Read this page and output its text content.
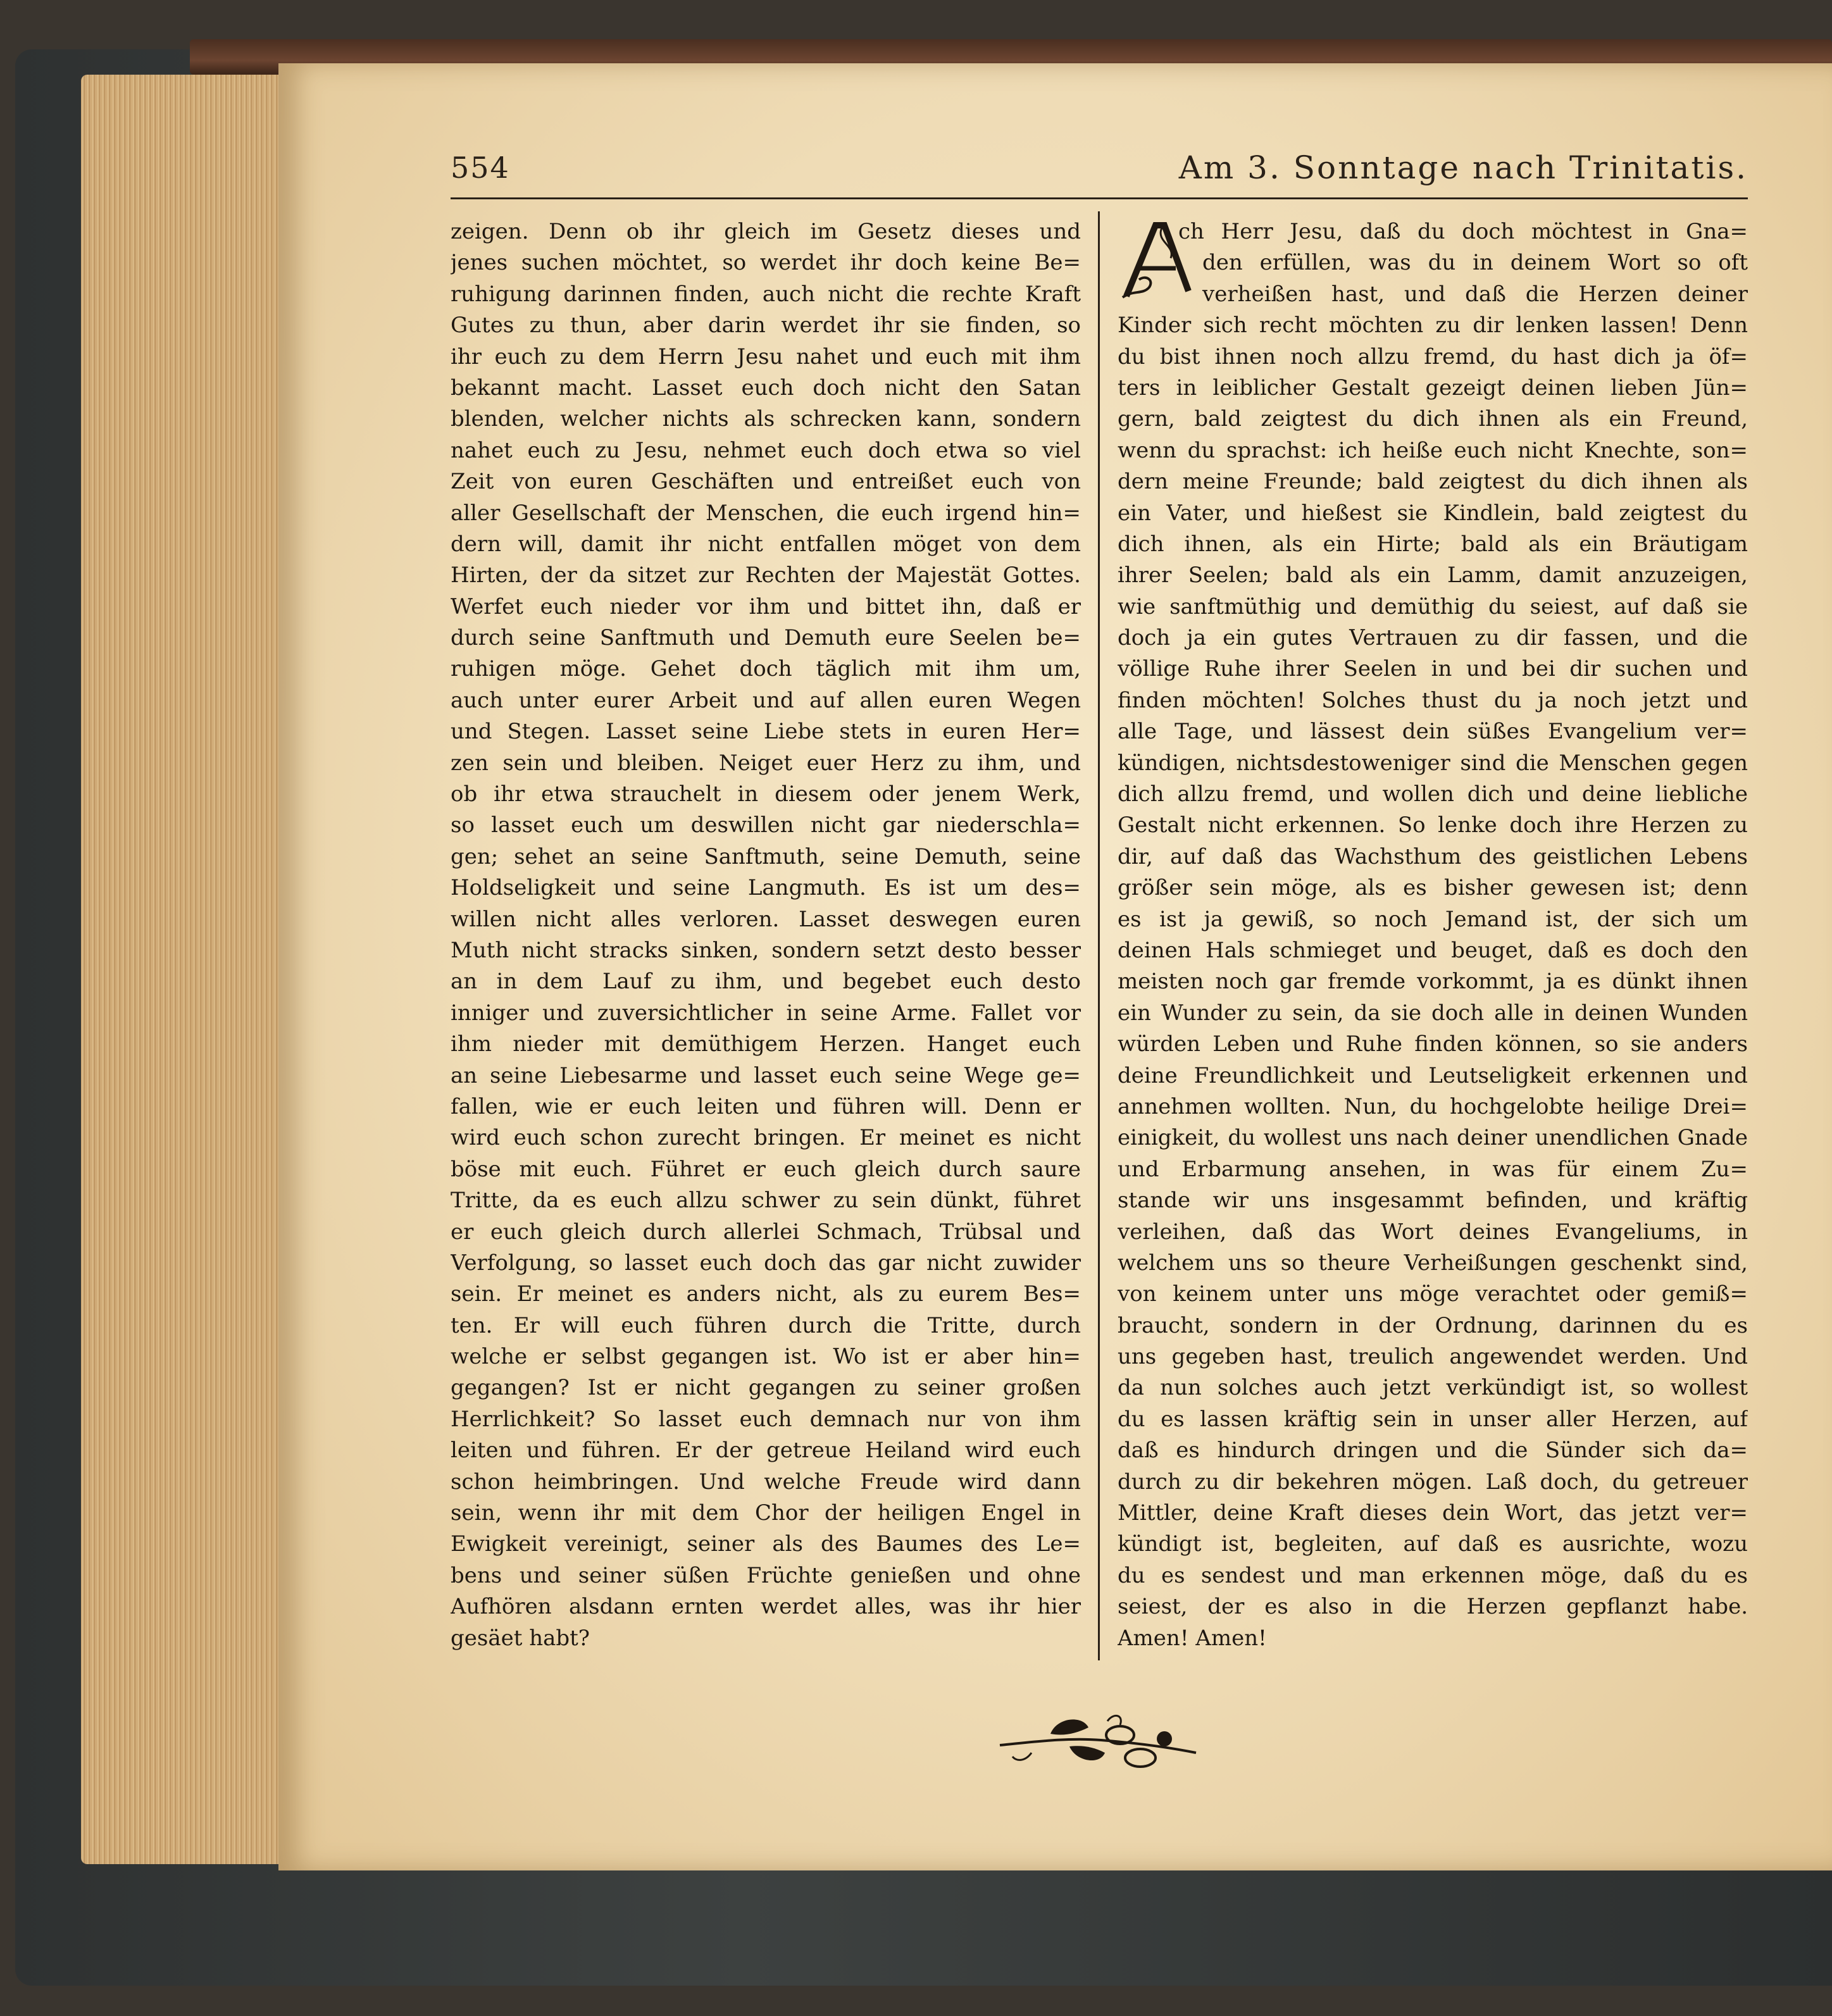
554	Am 3. Sonntage nach Trinitatis.
zeigen. Denn ob ihr gleich im Gesetz dieses und
jenes suchen möchtet, so werdet ihr doch keine Be=
ruhigung darinnen finden, auch nicht die rechte Kraft
Gutes zu thun, aber darin werdet ihr sie finden, so
ihr euch zu dem Herrn Jesu nahet und euch mit ihm
bekannt macht. Lasset euch doch nicht den Satan
blenden, welcher nichts als schrecken kann, sondern
nahet euch zu Jesu, nehmet euch doch etwa so viel
Zeit von euren Geschäften und entreißet euch von
aller Gesellschaft der Menschen, die euch irgend hin=
dern will, damit ihr nicht entfallen möget von dem
Hirten, der da sitzet zur Rechten der Majestät Gottes.
Werfet euch nieder vor ihm und bittet ihn, daß er
durch seine Sanftmuth und Demuth eure Seelen be=
ruhigen möge. Gehet doch täglich mit ihm um,
auch unter eurer Arbeit und auf allen euren Wegen
und Stegen. Lasset seine Liebe stets in euren Her=
zen sein und bleiben. Neiget euer Herz zu ihm, und
ob ihr etwa strauchelt in diesem oder jenem Werk,
so lasset euch um deswillen nicht gar niederschla=
gen; sehet an seine Sanftmuth, seine Demuth, seine
Holdseligkeit und seine Langmuth. Es ist um des=
willen nicht alles verloren. Lasset deswegen euren
Muth nicht stracks sinken, sondern setzt desto besser
an in dem Lauf zu ihm, und begebet euch desto
inniger und zuversichtlicher in seine Arme. Fallet vor
ihm nieder mit demüthigem Herzen. Hanget euch
an seine Liebesarme und lasset euch seine Wege ge=
fallen, wie er euch leiten und führen will. Denn er
wird euch schon zurecht bringen. Er meinet es nicht
böse mit euch. Führet er euch gleich durch saure
Tritte, da es euch allzu schwer zu sein dünkt, führet
er euch gleich durch allerlei Schmach, Trübsal und
Verfolgung, so lasset euch doch das gar nicht zuwider
sein. Er meinet es anders nicht, als zu eurem Bes=
ten. Er will euch führen durch die Tritte, durch
welche er selbst gegangen ist. Wo ist er aber hin=
gegangen? Ist er nicht gegangen zu seiner großen
Herrlichkeit? So lasset euch demnach nur von ihm
leiten und führen. Er der getreue Heiland wird euch
schon heimbringen. Und welche Freude wird dann
sein, wenn ihr mit dem Chor der heiligen Engel in
Ewigkeit vereinigt, seiner als des Baumes des Le=
bens und seiner süßen Früchte genießen und ohne
Aufhören alsdann ernten werdet alles, was ihr hier
gesäet habt?
ch Herr Jesu, daß du doch möchtest in Gna=
den erfüllen, was du in deinem Wort so oft
verheißen hast, und daß die Herzen deiner
Kinder sich recht möchten zu dir lenken lassen! Denn
du bist ihnen noch allzu fremd, du hast dich ja öf=
ters in leiblicher Gestalt gezeigt deinen lieben Jün=
gern, bald zeigtest du dich ihnen als ein Freund,
wenn du sprachst: ich heiße euch nicht Knechte, son=
dern meine Freunde; bald zeigtest du dich ihnen als
ein Vater, und hießest sie Kindlein, bald zeigtest du
dich ihnen, als ein Hirte; bald als ein Bräutigam
ihrer Seelen; bald als ein Lamm, damit anzuzeigen,
wie sanftmüthig und demüthig du seiest, auf daß sie
doch ja ein gutes Vertrauen zu dir fassen, und die
völlige Ruhe ihrer Seelen in und bei dir suchen und
finden möchten! Solches thust du ja noch jetzt und
alle Tage, und lässest dein süßes Evangelium ver=
kündigen, nichtsdestoweniger sind die Menschen gegen
dich allzu fremd, und wollen dich und deine liebliche
Gestalt nicht erkennen. So lenke doch ihre Herzen zu
dir, auf daß das Wachsthum des geistlichen Lebens
größer sein möge, als es bisher gewesen ist; denn
es ist ja gewiß, so noch Jemand ist, der sich um
deinen Hals schmieget und beuget, daß es doch den
meisten noch gar fremde vorkommt, ja es dünkt ihnen
ein Wunder zu sein, da sie doch alle in deinen Wunden
würden Leben und Ruhe finden können, so sie anders
deine Freundlichkeit und Leutseligkeit erkennen und
annehmen wollten. Nun, du hochgelobte heilige Drei=
einigkeit, du wollest uns nach deiner unendlichen Gnade
und Erbarmung ansehen, in was für einem Zu=
stande wir uns insgesammt befinden, und kräftig
verleihen, daß das Wort deines Evangeliums, in
welchem uns so theure Verheißungen geschenkt sind,
von keinem unter uns möge verachtet oder gemiß=
braucht, sondern in der Ordnung, darinnen du es
uns gegeben hast, treulich angewendet werden. Und
da nun solches auch jetzt verkündigt ist, so wollest
du es lassen kräftig sein in unser aller Herzen, auf
daß es hindurch dringen und die Sünder sich da=
durch zu dir bekehren mögen. Laß doch, du getreuer
Mittler, deine Kraft dieses dein Wort, das jetzt ver=
kündigt ist, begleiten, auf daß es ausrichte, wozu
du es sendest und man erkennen möge, daß du es
seiest, der es also in die Herzen gepflanzt habe.
Amen! Amen!
